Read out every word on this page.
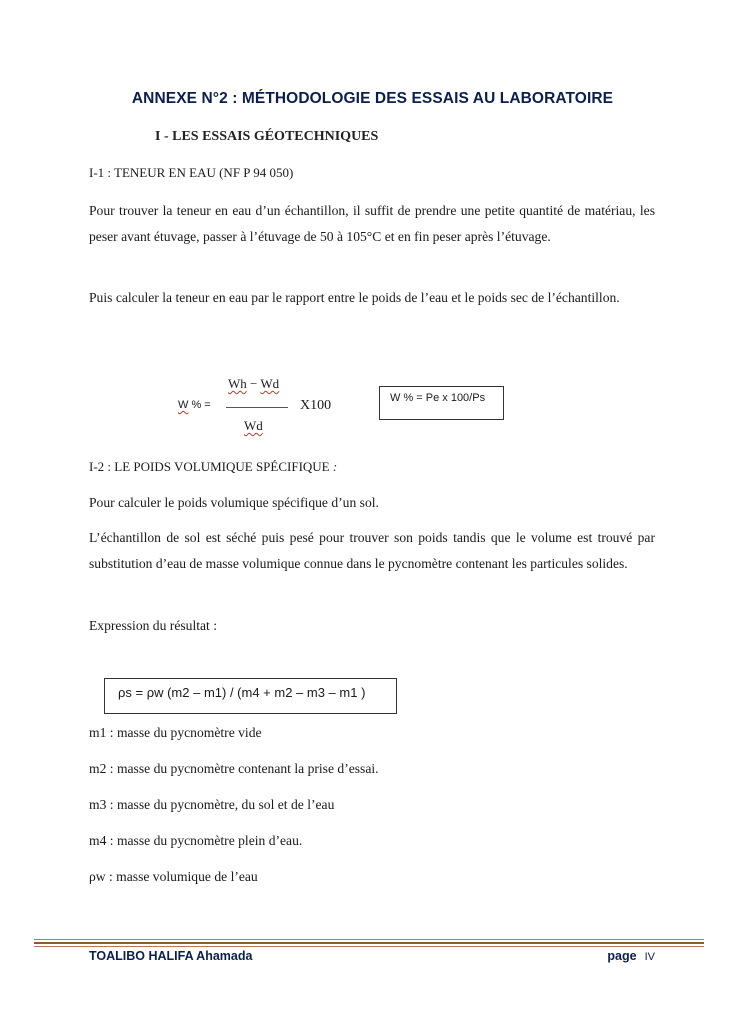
ANNEXE N°2 : MÉTHODOLOGIE DES ESSAIS AU LABORATOIRE
I - LES ESSAIS GÉOTECHNIQUES

I-1 : TENEUR EN EAU (NF P 94 050)

Pour trouver la teneur en eau d’un échantillon, il suffit de prendre une petite quantité de matériau, les peser avant étuvage, passer à l’étuvage de 50 à 105°C et en fin peser après l’étuvage.

Puis calculer la teneur en eau par le rapport entre le poids de l’eau et le poids sec de l’échantillon.

Wh − Wd
W % =
Wd
X100	W % = Pe x 100/Ps

I-2 : LE POIDS VOLUMIQUE SPÉCIFIQUE :

Pour calculer le poids volumique spécifique d’un sol.

L’échantillon de sol est séché puis pesé pour trouver son poids tandis que le volume est trouvé par substitution d’eau de masse volumique connue dans le pycnomètre contenant les particules solides.

Expression du résultat :

ρs = ρw (m2 – m1) / (m4 + m2 – m3 – m1 )

m1 : masse du pycnomètre vide

m2 : masse du pycnomètre contenant la prise d’essai.

m3 : masse du pycnomètre, du sol et de l’eau

m4 : masse du pycnomètre plein d’eau.

ρw : masse volumique de l’eau

TOALIBO HALIFA Ahamada	page IV
